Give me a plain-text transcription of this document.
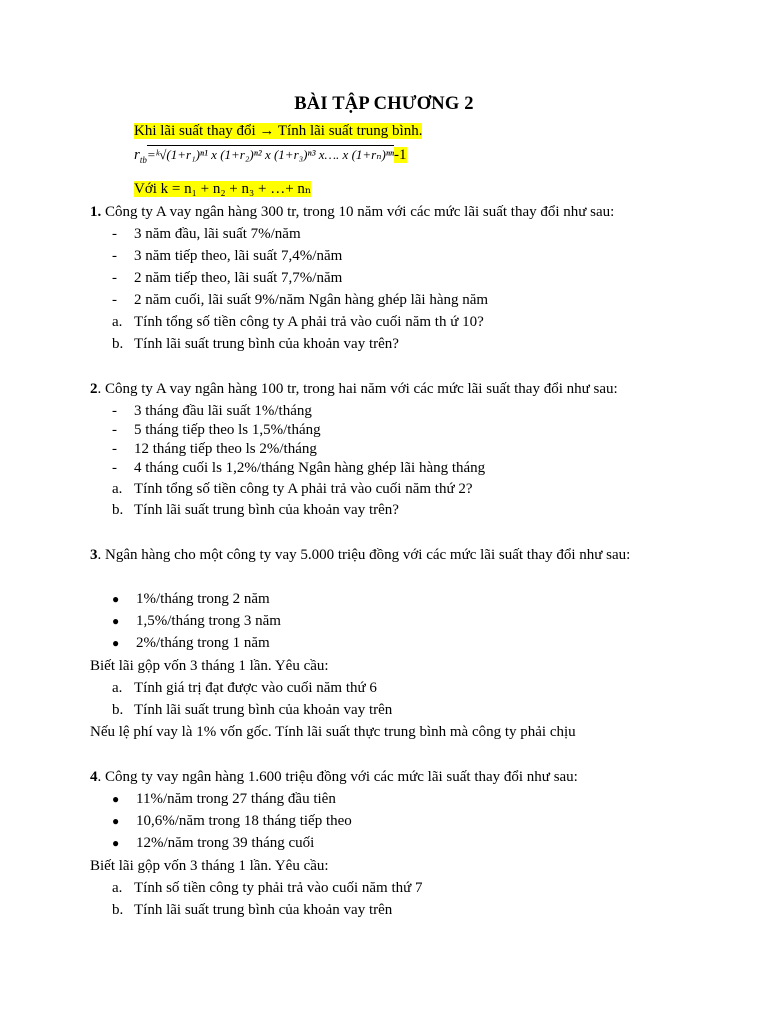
BÀI TẬP CHƯƠNG 2
Khi lãi suất thay đổi → Tính lãi suất trung bình.
$r_{tb}=ᵏ√(1+r_1)^{n1}$ x (1+r₂)ⁿ² x (1+r₃)ⁿ³ x…. x (1+rₙ)ⁿⁿ-1
Với k = n₁ + n₂ + n₃ + …+ nₙ
1. Công ty A vay ngân hàng 300 tr, trong 10 năm với các mức lãi suất thay đổi như sau:
- 3 năm đầu, lãi suất 7%/năm
- 3 năm tiếp theo, lãi suất 7,4%/năm
- 2 năm tiếp theo, lãi suất 7,7%/năm
- 2 năm cuối, lãi suất 9%/năm Ngân hàng ghép lãi hàng năm
a. Tính tổng số tiền công ty A phải trả vào cuối năm th ứ 10?
b. Tính lãi suất trung bình của khoản vay trên?
2. Công ty A vay ngân hàng 100 tr, trong hai năm với các mức lãi suất thay đổi như sau:
- 3 tháng đầu lãi suất 1%/tháng
- 5 tháng tiếp theo ls 1,5%/tháng
- 12 tháng tiếp theo ls 2%/tháng
- 4 tháng cuối ls 1,2%/tháng Ngân hàng ghép lãi hàng tháng
a. Tính tổng số tiền công ty A phải trả vào cuối năm thứ 2?
b. Tính lãi suất trung bình của khoản vay trên?
3. Ngân hàng cho một công ty vay 5.000 triệu đồng với các mức lãi suất thay đổi như sau:
● 1%/tháng trong 2 năm
● 1,5%/tháng trong 3 năm
● 2%/tháng trong 1 năm
Biết lãi gộp vốn 3 tháng 1 lần. Yêu cầu:
a. Tính giá trị đạt được vào cuối năm thứ 6
b. Tính lãi suất trung bình của khoản vay trên
Nếu lệ phí vay là 1% vốn gốc. Tính lãi suất thực trung bình mà công ty phải chịu
4. Công ty vay ngân hàng 1.600 triệu đồng với các mức lãi suất thay đổi như sau:
● 11%/năm trong 27 tháng đầu tiên
● 10,6%/năm trong 18 tháng tiếp theo
● 12%/năm trong 39 tháng cuối
Biết lãi gộp vốn 3 tháng 1 lần. Yêu cầu:
a. Tính số tiền công ty phải trả vào cuối năm thứ 7
b. Tính lãi suất trung bình của khoản vay trên
